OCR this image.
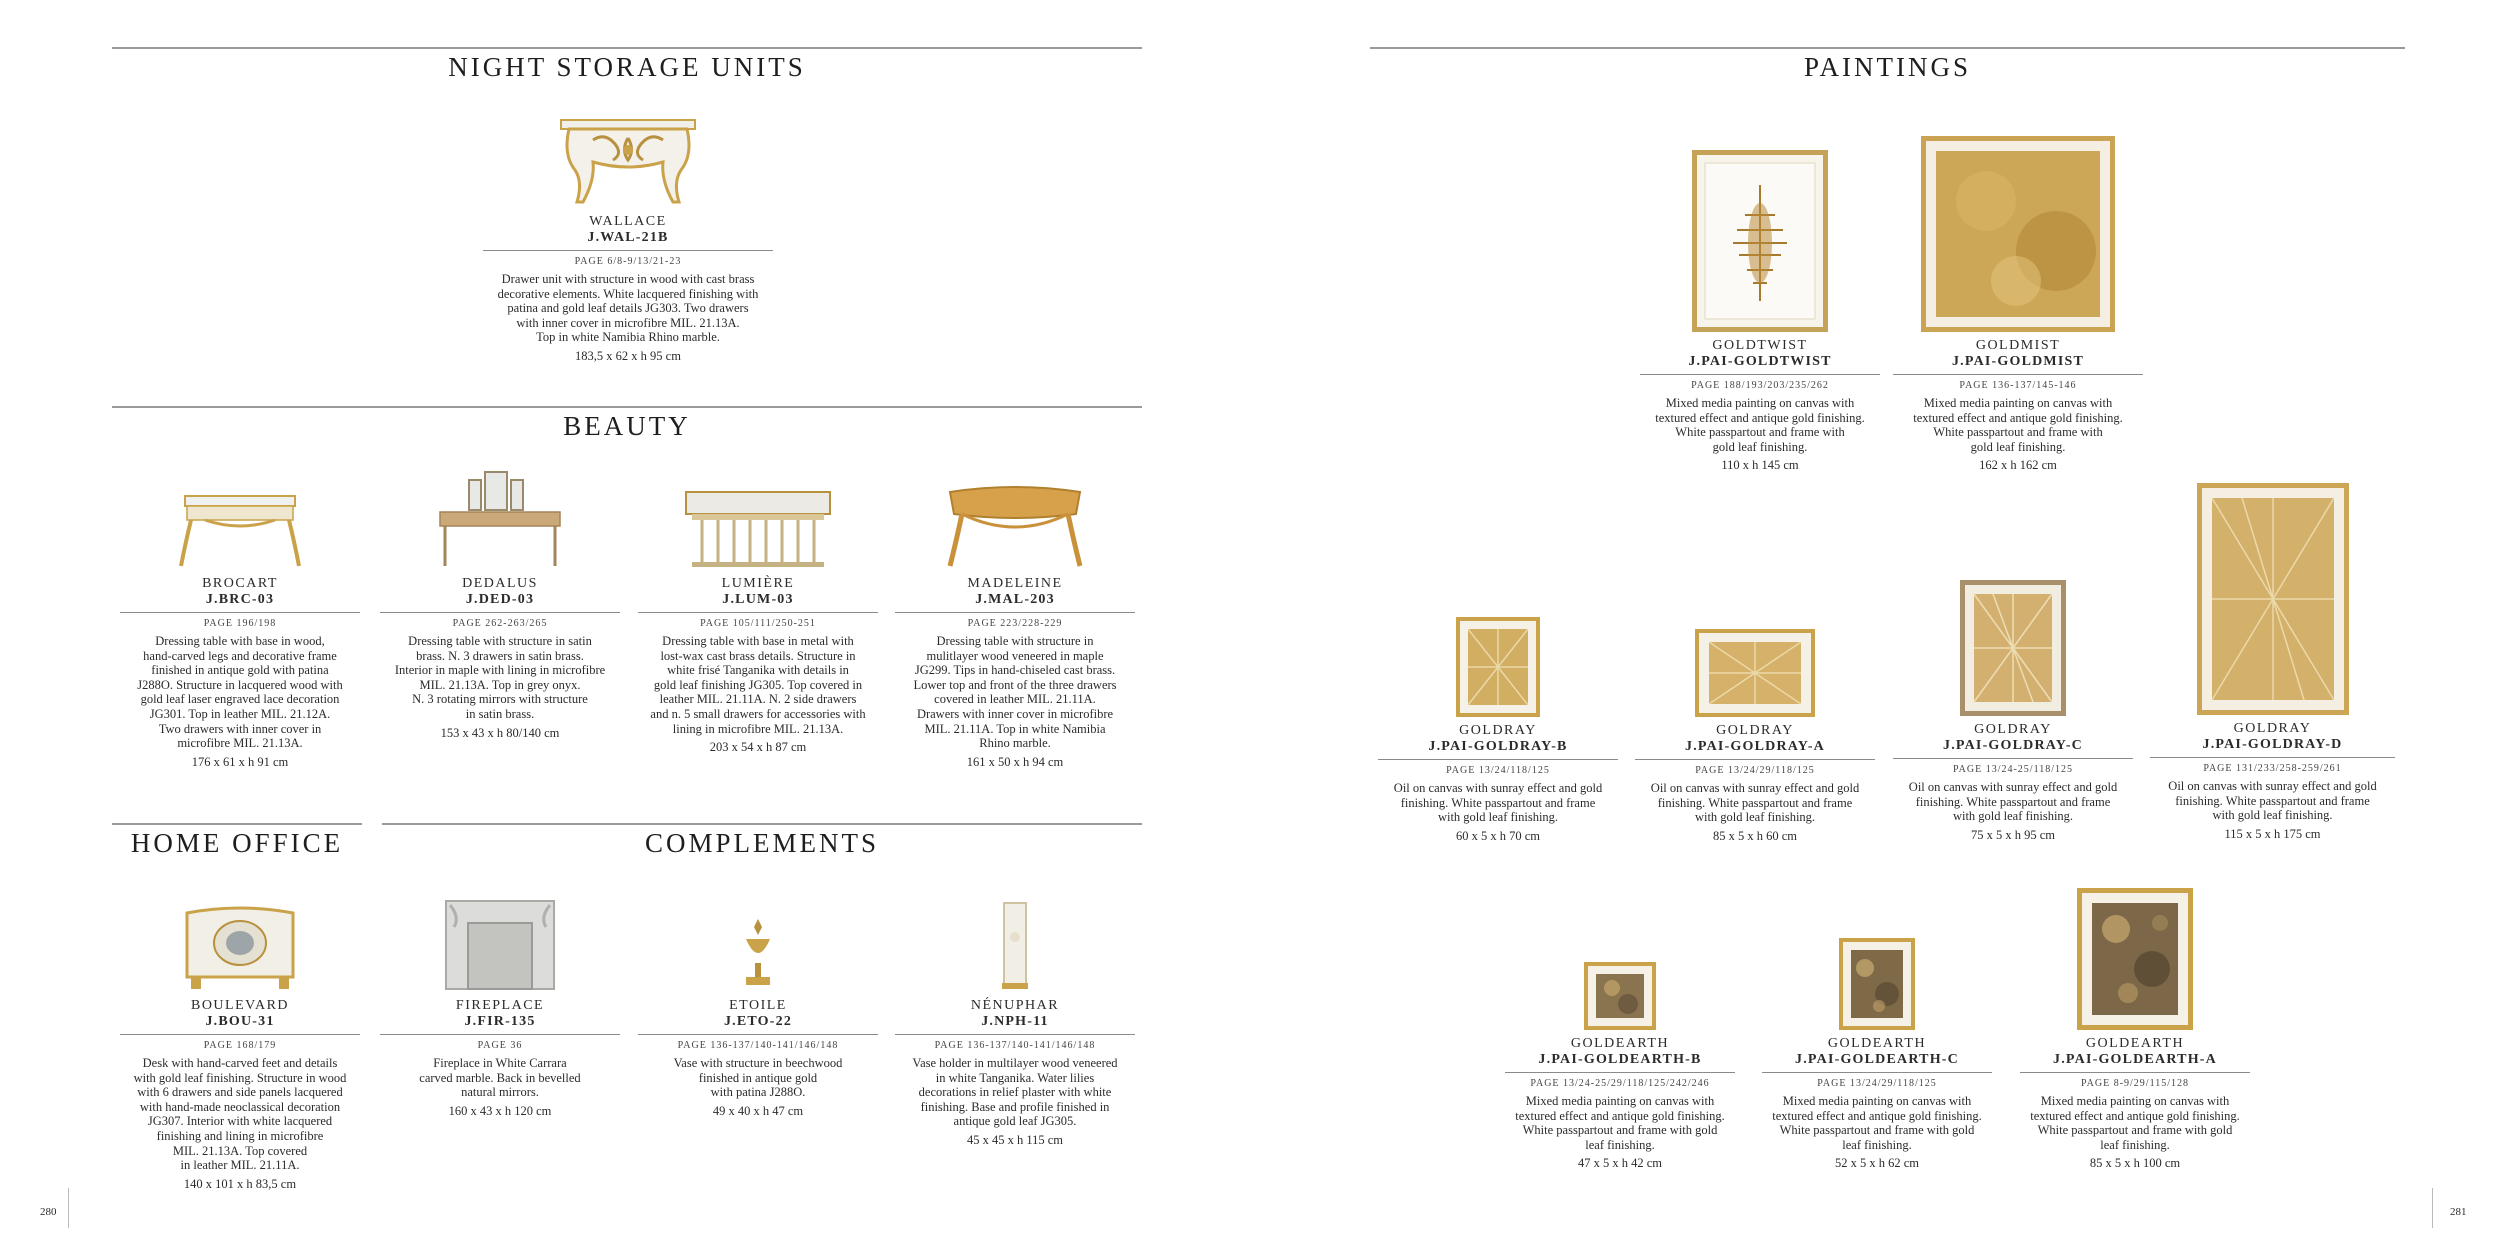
NIGHT STORAGE UNITS
WALLACE
J.WAL-21B
PAGE 6/8-9/13/21-23
Drawer unit with structure in wood with cast brass
decorative elements. White lacquered finishing with
patina and gold leaf details JG303. Two drawers
with inner cover in microfibre MIL. 21.13A.
Top in white Namibia Rhino marble.
183,5 x 62 x h 95 cm
BEAUTY
BROCART
J.BRC-03
PAGE 196/198
Dressing table with base in wood,
hand-carved legs and decorative frame
finished in antique gold with patina
J288O. Structure in lacquered wood with
gold leaf laser engraved lace decoration
JG301. Top in leather MIL. 21.12A.
Two drawers with inner cover in
microfibre MIL. 21.13A.
176 x 61 x h 91 cm
DEDALUS
J.DED-03
PAGE 262-263/265
Dressing table with structure in satin
brass. N. 3 drawers in satin brass.
Interior in maple with lining in microfibre
MIL. 21.13A. Top in grey onyx.
N. 3 rotating mirrors with structure
in satin brass.
153 x 43 x h 80/140 cm
LUMIÈRE
J.LUM-03
PAGE 105/111/250-251
Dressing table with base in metal with
lost-wax cast brass details. Structure in
white frisé Tanganika with details in
gold leaf finishing JG305. Top covered in
leather MIL. 21.11A. N. 2 side drawers
and n. 5 small drawers for accessories with
lining in microfibre MIL. 21.13A.
203 x 54 x h 87 cm
MADELEINE
J.MAL-203
PAGE 223/228-229
Dressing table with structure in
mulitlayer wood veneered in maple
JG299. Tips in hand-chiseled cast brass.
Lower top and front of the three drawers
covered in leather MIL. 21.11A.
Drawers with inner cover in microfibre
MIL. 21.11A. Top in white Namibia
Rhino marble.
161 x 50 x h 94 cm
HOME OFFICE	COMPLEMENTS
BOULEVARD
J.BOU-31
PAGE 168/179
Desk with hand-carved feet and details
with gold leaf finishing. Structure in wood
with 6 drawers and side panels lacquered
with hand-made neoclassical decoration
JG307. Interior with white lacquered
finishing and lining in microfibre
MIL. 21.13A. Top covered
in leather MIL. 21.11A.
140 x 101 x h 83,5 cm
FIREPLACE
J.FIR-135
PAGE 36
Fireplace in White Carrara
carved marble. Back in bevelled
natural mirrors.
160 x 43 x h 120 cm
ETOILE
J.ETO-22
PAGE 136-137/140-141/146/148
Vase with structure in beechwood
finished in antique gold
with patina J288O.
49 x 40 x h 47 cm
NÉNUPHAR
J.NPH-11
PAGE 136-137/140-141/146/148
Vase holder in multilayer wood veneered
in white Tanganika. Water lilies
decorations in relief plaster with white
finishing. Base and profile finished in
antique gold leaf JG305.
45 x 45 x h 115 cm
280
PAINTINGS
GOLDTWIST
J.PAI-GOLDTWIST
PAGE 188/193/203/235/262
Mixed media painting on canvas with
textured effect and antique gold finishing.
White passpartout and frame with
gold leaf finishing.
110 x h 145 cm
GOLDMIST
J.PAI-GOLDMIST
PAGE 136-137/145-146
Mixed media painting on canvas with
textured effect and antique gold finishing.
White passpartout and frame with
gold leaf finishing.
162 x h 162 cm
GOLDRAY
J.PAI-GOLDRAY-B
PAGE 13/24/118/125
Oil on canvas with sunray effect and gold
finishing. White passpartout and frame
with gold leaf finishing.
60 x 5 x h 70 cm
GOLDRAY
J.PAI-GOLDRAY-A
PAGE 13/24/29/118/125
Oil on canvas with sunray effect and gold
finishing. White passpartout and frame
with gold leaf finishing.
85 x 5 x h 60 cm
GOLDRAY
J.PAI-GOLDRAY-C
PAGE 13/24-25/118/125
Oil on canvas with sunray effect and gold
finishing. White passpartout and frame
with gold leaf finishing.
75 x 5 x h 95 cm
GOLDRAY
J.PAI-GOLDRAY-D
PAGE 131/233/258-259/261
Oil on canvas with sunray effect and gold
finishing. White passpartout and frame
with gold leaf finishing.
115 x 5 x h 175 cm
GOLDEARTH
J.PAI-GOLDEARTH-B
PAGE 13/24-25/29/118/125/242/246
Mixed media painting on canvas with
textured effect and antique gold finishing.
White passpartout and frame with gold
leaf finishing.
47 x 5 x h 42 cm
GOLDEARTH
J.PAI-GOLDEARTH-C
PAGE 13/24/29/118/125
Mixed media painting on canvas with
textured effect and antique gold finishing.
White passpartout and frame with gold
leaf finishing.
52 x 5 x h 62 cm
GOLDEARTH
J.PAI-GOLDEARTH-A
PAGE 8-9/29/115/128
Mixed media painting on canvas with
textured effect and antique gold finishing.
White passpartout and frame with gold
leaf finishing.
85 x 5 x h 100 cm
281
